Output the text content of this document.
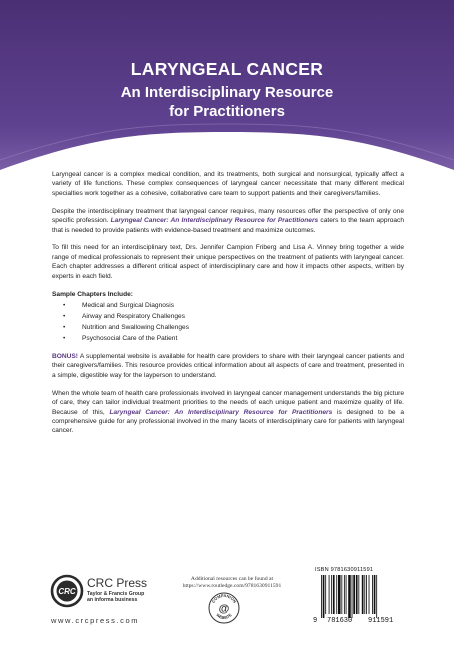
LARYNGEAL CANCER
An Interdisciplinary Resource
for Practitioners

Laryngeal cancer is a complex medical condition, and its treatments, both surgical and nonsurgical, typically affect a variety of life functions. These complex consequences of laryngeal cancer necessitate that many different medical specialties work together as a cohesive, collaborative care team to support patients and their caregivers/families.

Despite the interdisciplinary treatment that laryngeal cancer requires, many resources offer the perspective of only one specific profession. Laryngeal Cancer: An Interdisciplinary Resource for Practitioners caters to the team approach that is needed to provide patients with evidence-based treatment and maximize outcomes.

To fill this need for an interdisciplinary text, Drs. Jennifer Campion Friberg and Lisa A. Vinney bring together a wide range of medical professionals to represent their unique perspectives on the treatment of patients with laryngeal cancer. Each chapter addresses a different critical aspect of interdisciplinary care and how it impacts other aspects, written by experts in each field.

Sample Chapters Include:
• Medical and Surgical Diagnosis
• Airway and Respiratory Challenges
• Nutrition and Swallowing Challenges
• Psychosocial Care of the Patient

BONUS! A supplemental website is available for health care providers to share with their laryngeal cancer patients and their caregivers/families. This resource provides critical information about all aspects of care and treatment, presented in a simple, digestible way for the layperson to understand.

When the whole team of health care professionals involved in laryngeal cancer management understands the big picture of care, they can tailor individual treatment priorities to the needs of each unique patient and maximize quality of life. Because of this, Laryngeal Cancer: An Interdisciplinary Resource for Practitioners is designed to be a comprehensive guide for any professional involved in the many facets of interdisciplinary care for patients with laryngeal cancer.

CRC
CRC Press
Taylor & Francis Group
an informa business
www.crcpress.com
Additional resources can be found at
https://www.routledge.com/9781630911591
COMPANION
WEBSITE
@
ISBN 9781630911591
9 781630 911591
